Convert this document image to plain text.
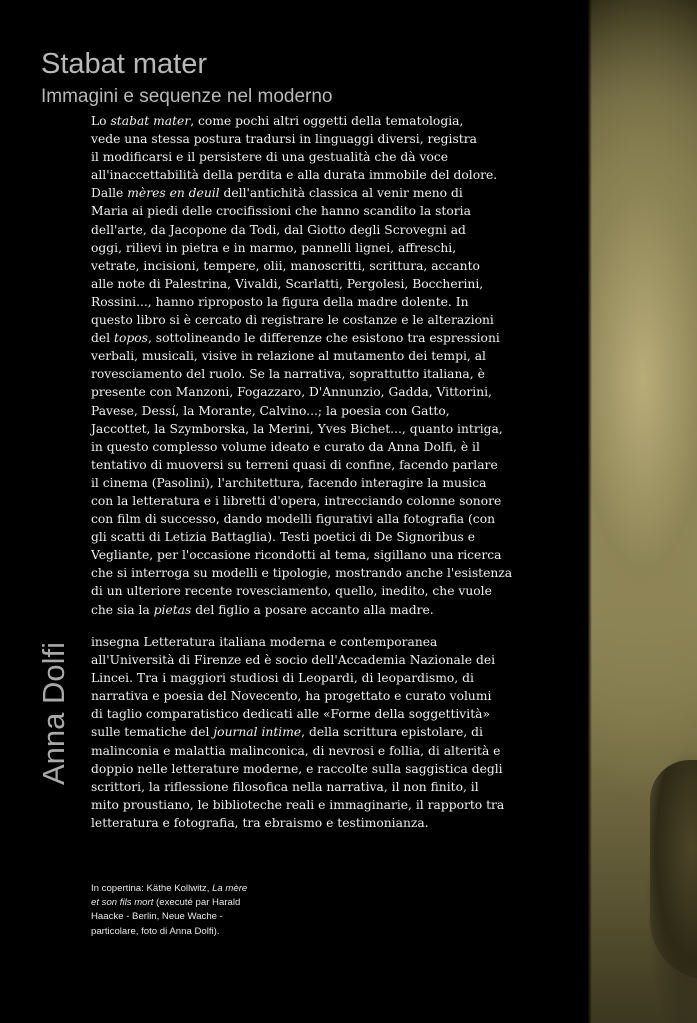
Stabat mater
Immagini e sequenze nel moderno

Lo stabat mater, come pochi altri oggetti della tematologia,
vede una stessa postura tradursi in linguaggi diversi, registra
il modificarsi e il persistere di una gestualità che dà voce
all'inaccettabilità della perdita e alla durata immobile del dolore.
Dalle mères en deuil dell'antichità classica al venir meno di
Maria ai piedi delle crocifissioni che hanno scandito la storia
dell'arte, da Jacopone da Todi, dal Giotto degli Scrovegni ad
oggi, rilievi in pietra e in marmo, pannelli lignei, affreschi,
vetrate, incisioni, tempere, olii, manoscritti, scrittura, accanto
alle note di Palestrina, Vivaldi, Scarlatti, Pergolesi, Boccherini,
Rossini..., hanno riproposto la figura della madre dolente. In
questo libro si è cercato di registrare le costanze e le alterazioni
del topos, sottolineando le differenze che esistono tra espressioni
verbali, musicali, visive in relazione al mutamento dei tempi, al
rovesciamento del ruolo. Se la narrativa, soprattutto italiana, è
presente con Manzoni, Fogazzaro, D'Annunzio, Gadda, Vittorini,
Pavese, Dessí, la Morante, Calvino...; la poesia con Gatto,
Jaccottet, la Szymborska, la Merini, Yves Bichet..., quanto intriga,
in questo complesso volume ideato e curato da Anna Dolfi, è il
tentativo di muoversi su terreni quasi di confine, facendo parlare
il cinema (Pasolini), l'architettura, facendo interagire la musica
con la letteratura e i libretti d'opera, intrecciando colonne sonore
con film di successo, dando modelli figurativi alla fotografia (con
gli scatti di Letizia Battaglia). Testi poetici di De Signoribus e
Vegliante, per l'occasione ricondotti al tema, sigillano una ricerca
che si interroga su modelli e tipologie, mostrando anche l'esistenza
di un ulteriore recente rovesciamento, quello, inedito, che vuole
che sia la pietas del figlio a posare accanto alla madre.

Anna Dolfi insegna Letteratura italiana moderna e contemporanea
all'Università di Firenze ed è socio dell'Accademia Nazionale dei
Lincei. Tra i maggiori studiosi di Leopardi, di leopardismo, di
narrativa e poesia del Novecento, ha progettato e curato volumi
di taglio comparatistico dedicati alle «Forme della soggettività»
sulle tematiche del journal intime, della scrittura epistolare, di
malinconia e malattia malinconica, di nevrosi e follia, di alterità e
doppio nelle letterature moderne, e raccolte sulla saggistica degli
scrittori, la riflessione filosofica nella narrativa, il non finito, il
mito proustiano, le biblioteche reali e immaginarie, il rapporto tra
letteratura e fotografia, tra ebraismo e testimonianza.

In copertina: Käthe Kollwitz, La mère
et son fils mort (executé par Harald
Haacke - Berlin, Neue Wache -
particolare, foto di Anna Dolfi).
